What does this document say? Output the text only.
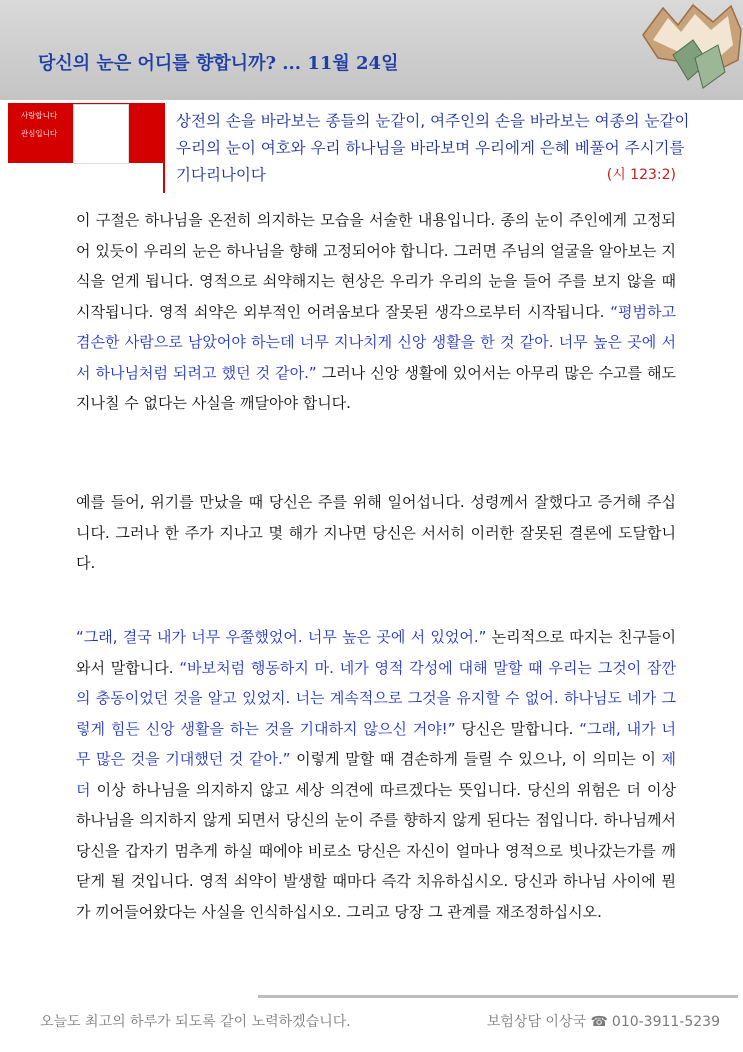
당신의 눈은 어디를 향합니까? ... 11월 24일
사랑합니다
관심입니다
상전의 손을 바라보는 종들의 눈같이, 여주인의 손을 바라보는 여종의 눈같이 우리의 눈이 여호와 우리 하나님을 바라보며 우리에게 은혜 베풀어 주시기를 기다리나이다	(시 123:2)
이 구절은 하나님을 온전히 의지하는 모습을 서술한 내용입니다. 종의 눈이 주인에게 고정되어 있듯이 우리의 눈은 하나님을 향해 고정되어야 합니다. 그러면 주님의 얼굴을 알아보는 지식을 얻게 됩니다. 영적으로 쇠약해지는 현상은 우리가 우리의 눈을 들어 주를 보지 않을 때 시작됩니다. 영적 쇠약은 외부적인 어려움보다 잘못된 생각으로부터 시작됩니다. “평범하고 겸손한 사람으로 남았어야 하는데 너무 지나치게 신앙 생활을 한 것 같아. 너무 높은 곳에 서서 하나님처럼 되려고 했던 것 같아.” 그러나 신앙 생활에 있어서는 아무리 많은 수고를 해도 지나칠 수 없다는 사실을 깨달아야 합니다.
예를 들어, 위기를 만났을 때 당신은 주를 위해 일어섭니다. 성령께서 잘했다고 증거해 주십니다. 그러나 한 주가 지나고 몇 해가 지나면 당신은 서서히 이러한 잘못된 결론에 도달합니다.
“그래, 결국 내가 너무 우쭐했었어. 너무 높은 곳에 서 있었어.” 논리적으로 따지는 친구들이 와서 말합니다. “바보처럼 행동하지 마. 네가 영적 각성에 대해 말할 때 우리는 그것이 잠깐의 충동이었던 것을 알고 있었지. 너는 계속적으로 그것을 유지할 수 없어. 하나님도 네가 그렇게 힘든 신앙 생활을 하는 것을 기대하지 않으신 거야!” 당신은 말합니다. “그래, 내가 너무 많은 것을 기대했던 것 같아.” 이렇게 말할 때 겸손하게 들릴 수 있으나, 이 의미는 이 제 더 이상 하나님을 의지하지 않고 세상 의견에 따르겠다는 뜻입니다. 당신의 위험은 더 이상 하나님을 의지하지 않게 되면서 당신의 눈이 주를 향하지 않게 된다는 점입니다. 하나님께서 당신을 갑자기 멈추게 하실 때에야 비로소 당신은 자신이 얼마나 영적으로 빗나갔는가를 깨닫게 될 것입니다. 영적 쇠약이 발생할 때마다 즉각 치유하십시오. 당신과 하나님 사이에 뭔가 끼어들어왔다는 사실을 인식하십시오. 그리고 당장 그 관계를 재조정하십시오.
오늘도 최고의 하루가 되도록 같이 노력하겠습니다.	보험상담 이상국 ☎ 010-3911-5239
